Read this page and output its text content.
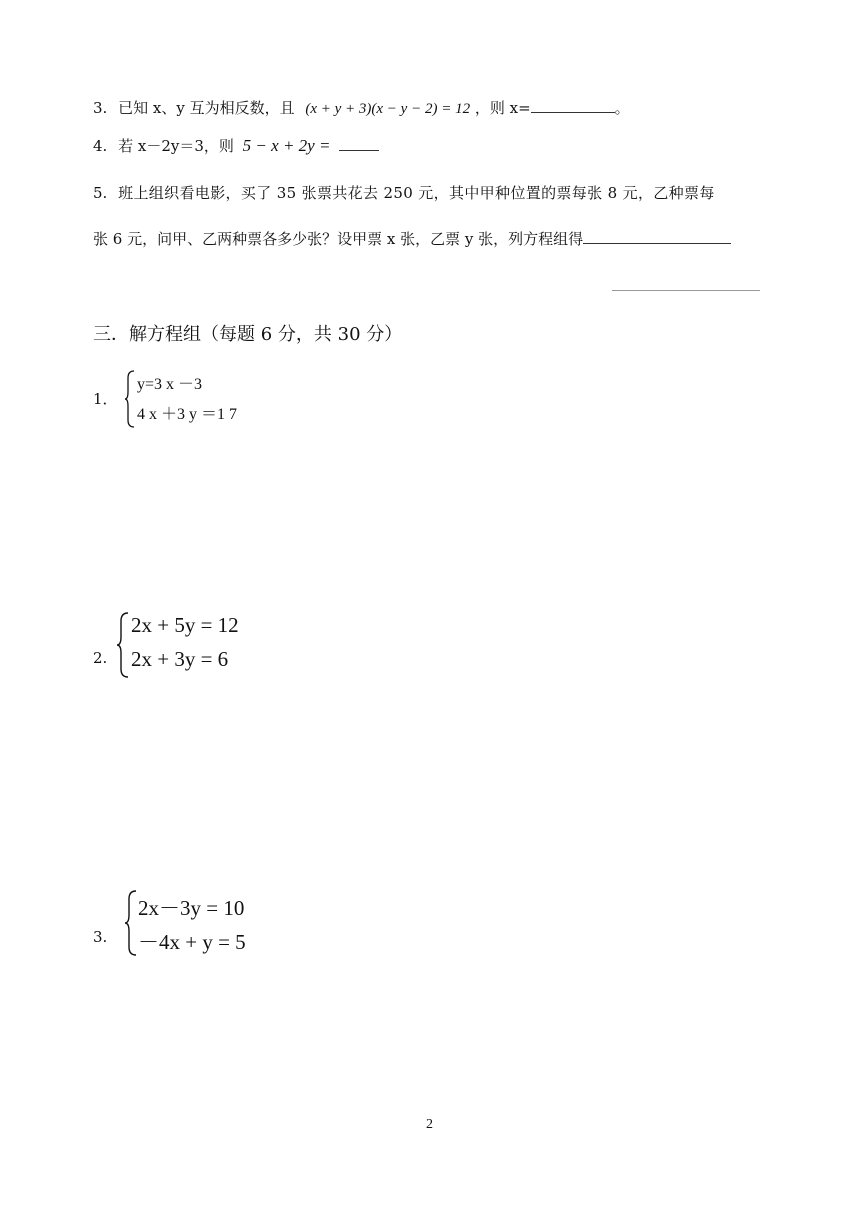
3. 已知 x、y 互为相反数，且 (x + y + 3)(x − y − 2) = 12 ，则 x=	。
4. 若 x－2y＝3，则 5 − x + 2y =
5. 班上组织看电影，买了 35 张票共花去 250 元，其中甲种位置的票每张 8 元，乙种票每
张 6 元，问甲、乙两种票各多少张？设甲票 x 张，乙票 y 张，列方程组得
三．解方程组（每题 6 分，共 30 分）
1．
y=3 x －3
4 x ＋3 y ＝1 7
2.
2x + 5y = 12
2x + 3y = 6
3.
2x－3y = 10
－4x + y = 5
2
